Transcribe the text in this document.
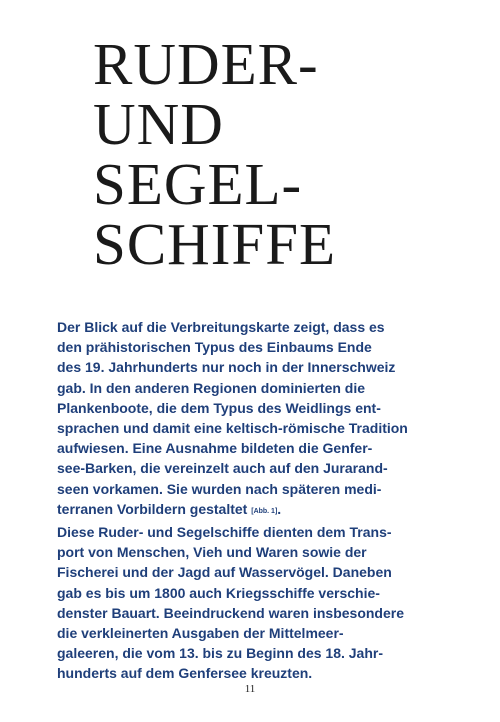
RUDER-
UND
SEGEL-
SCHIFFE
Der Blick auf die Verbreitungskarte zeigt, dass es
den prähistorischen Typus des Einbaums Ende
des 19. Jahrhunderts nur noch in der Innerschweiz
gab. In den anderen Regionen dominierten die
Plankenboote, die dem Typus des Weidlings ent-
sprachen und damit eine keltisch-römische Tradition
aufwiesen. Eine Ausnahme bildeten die Genfer-
see-Barken, die vereinzelt auch auf den Jurarand-
seen vorkamen. Sie wurden nach späteren medi-
terranen Vorbildern gestaltet [Abb. 1].
Diese Ruder- und Segelschiffe dienten dem Trans-
port von Menschen, Vieh und Waren sowie der
Fischerei und der Jagd auf Wasservögel. Daneben
gab es bis um 1800 auch Kriegsschiffe verschie-
denster Bauart. Beeindruckend waren insbesondere
die verkleinerten Ausgaben der Mittelmeer-
galeeren, die vom 13. bis zu Beginn des 18. Jahr-
hunderts auf dem Genfersee kreuzten.
11
